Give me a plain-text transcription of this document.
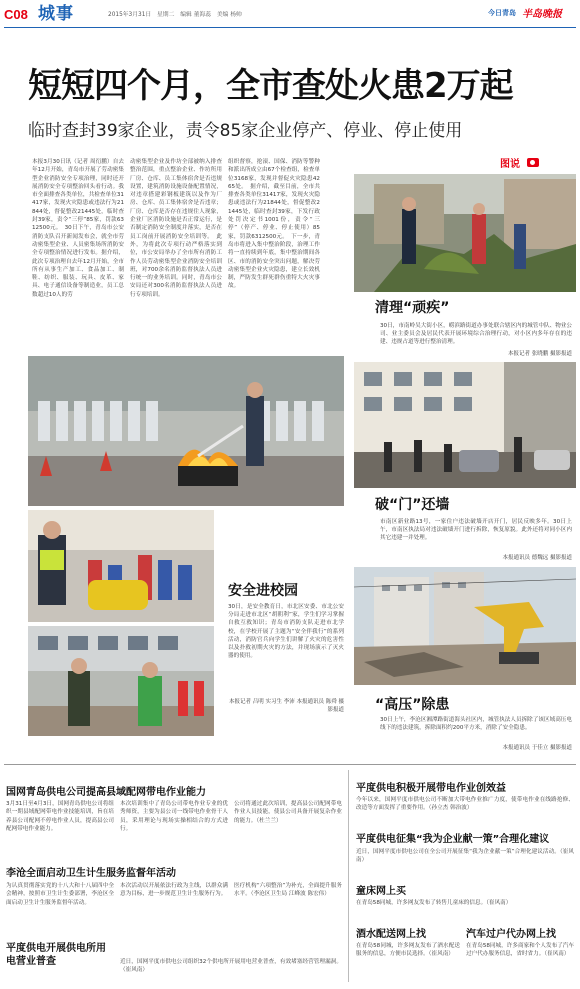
C08 城事	2015年3月31日　星期二　编辑 董海蕊　美编 杨帅	今日青岛 半岛晚报
短短四个月，全市查处火患2万起
临时查封39家企业，责令85家企业停产、停业、停止使用
本报3月30日讯（记者 周衍鹏）自去年12月开始，青岛市开展了劳动密集型企业消防安全专项治理，同时还开展消防安全专项整治回头看行动。我市全面排查各类单位，共检查单位31417家，发现火灾隐患或违法行为21844处，督促整改21445处，临时查封39家，责令“三停”85家，罚款6312500元。　30日下午，青岛市公安消防支队召开新闻发布会，就全市劳动密集型企业、人员密集场所消防安全专项整治情况进行发布。据介绍，此次专项治理自去年12月开始，全市所有从事生产加工、食品加工、制鞋、纺织、服装、玩具、皮革、家具、电子通信设备等制造业，员工总数超过10人的劳
动密集型企业及作坊全部被纳入排查整治范围，重点整治企业、作坊所用厂房、仓库、员工集体宿舍是否违规设置，建筑消防设施设备配置情况，对违章搭建彩钢板建筑以及作为厂房、仓库、员工集体宿舍是否违章；厂房、仓库是否存在违规住人现象，企业厂区消防设施是否正常运行，是否制定消防安全制度并落实，是否在员工岗前开展消防安全培训等。　此外，为将此次专项行动严格落实到位，市公安局举办了全市所有消防工作人员劳动密集型企业消防安全培训班，对700余名消防监督执法人员进行统一的业务培训。同时，青岛市公安局还对300名消防监督执法人员进行专项培训。
组织督察，抢滚、国保、消防等警种和派出所成立由67个检查组，检查单位3168家，发现并督促火灾隐患4265处。　据介绍，截至目前，全市共排查各类单位31417家，发现火灾隐患或违法行为21844处，督促整改21445处，临时查封39家，下发行政处罚决定书1001份，责令“三停”（停产、停业、停止使用）85家，罚款6312500元。　下一步，青岛市将进入集中整治阶段，治理工作将一直持续到年底，集中整治期间各区、市的消防安全突出问题，解决劳动密集型企业火灾隐患，建立长效机制，严防发生群死群伤重特大火灾事故。
图说
清理“顽疾”
30日，市南岭吴大街小区，崂滨路街道办事处联合辖区内的城管中队、物业公司、业主委员会及居民代表开展环境综合治理行动，对小区内多年存在的违建、违规占道等进行整治清理。
本报记者 张晓鹏 摄影报道
破“门”还墙
市南区新业路13号，一家住户违法破墙开店开门，居民反映多年。30日上午，市南区执法局对违法破墙开门进行拆除，恢复原貌。此外还将对同小区内其它违建一并处理。
本报通讯员 德魏远 摄影报道
“高压”除患
30日上午，李沧区湘潭路街道海头社区内，城管执法人员拆除了该区域高压电线下的违法建筑，拆除面积约200平方米，消除了安全隐患。
本报通讯员 于佳立 摄影报道
安全进校园
30日，是安全教育日，市北区安委、市北公安分局走进市北区“胡朝利”家，学生们学习掌握自救互救知识；青岛市消防支队走进市北学校，在学校开展了主题为“安全伴我行”的系列活动，消防官兵向学生们讲解了火灾的危害性以及扑救初期火灾的方法，并现场演示了灭火器的使用。
本报记者 吕明 实习生 李沛 本报通讯员 陈舜 摄影报道
国网青岛供电公司提高县域配网带电作业能力
3月31日至4月3日，国网青岛供电公司将组织一期县域配网带电作业技能培训，旨在培养县公司配网不停电作业人员，提高县公司配网带电作业能力。
本次培训集中了青岛公司带电作业专业的优秀师资，主要为县公司一线带电作业骨干人员，采用理论与现场实操相结合的方式进行。
公司将通过此次培训，提高县公司配网带电作业人员技能，使县公司具备开展复杂作业的能力。（杜兰兰）
李沧全面启动卫生计生服务监督年活动
为认真贯彻落实党的十八大和十八届四中全会精神，按照市卫生计生委部署，李沧区全面启动卫生计生服务监督年活动。
本次活动以开展依法行政为主线，以群众满意为目标，进一步规范卫生计生服务行为。
医疗机构“六项整治”为补充，全面提升服务水平。（李沧区卫生局 江峰波 陈宏伟）
平度供电开展供电所用电营业普查	近日，国网平度市供电公司组织32个供电所开展用电营业普查，有效堵塞经营管理漏洞。（崔风南）
平度供电积极开展带电作业创效益
今年以来，国网平度市供电公司不断加大带电作业推广力度，使带电作业在线路抢修、改造等方面发挥了重要作用。（孙立杰 韩治波）
平度供电征集“我为企业献一策”合理化建议
近日，国网平度市供电公司在全公司开展征集“我为企业献一策”合理化建议活动。（崔风南）
童床网上买
在青岛58同城，许多网友发布了转售儿童床的信息。（崔风南）
酒水配送网上找
在青岛58同城，许多网友发布了酒水配送服务的信息，方便市民选择。（崔风南）
汽车过户代办网上找
在青岛58同城，许多商家和个人发布了汽车过户代办服务信息，省时省力。（崔风南）
